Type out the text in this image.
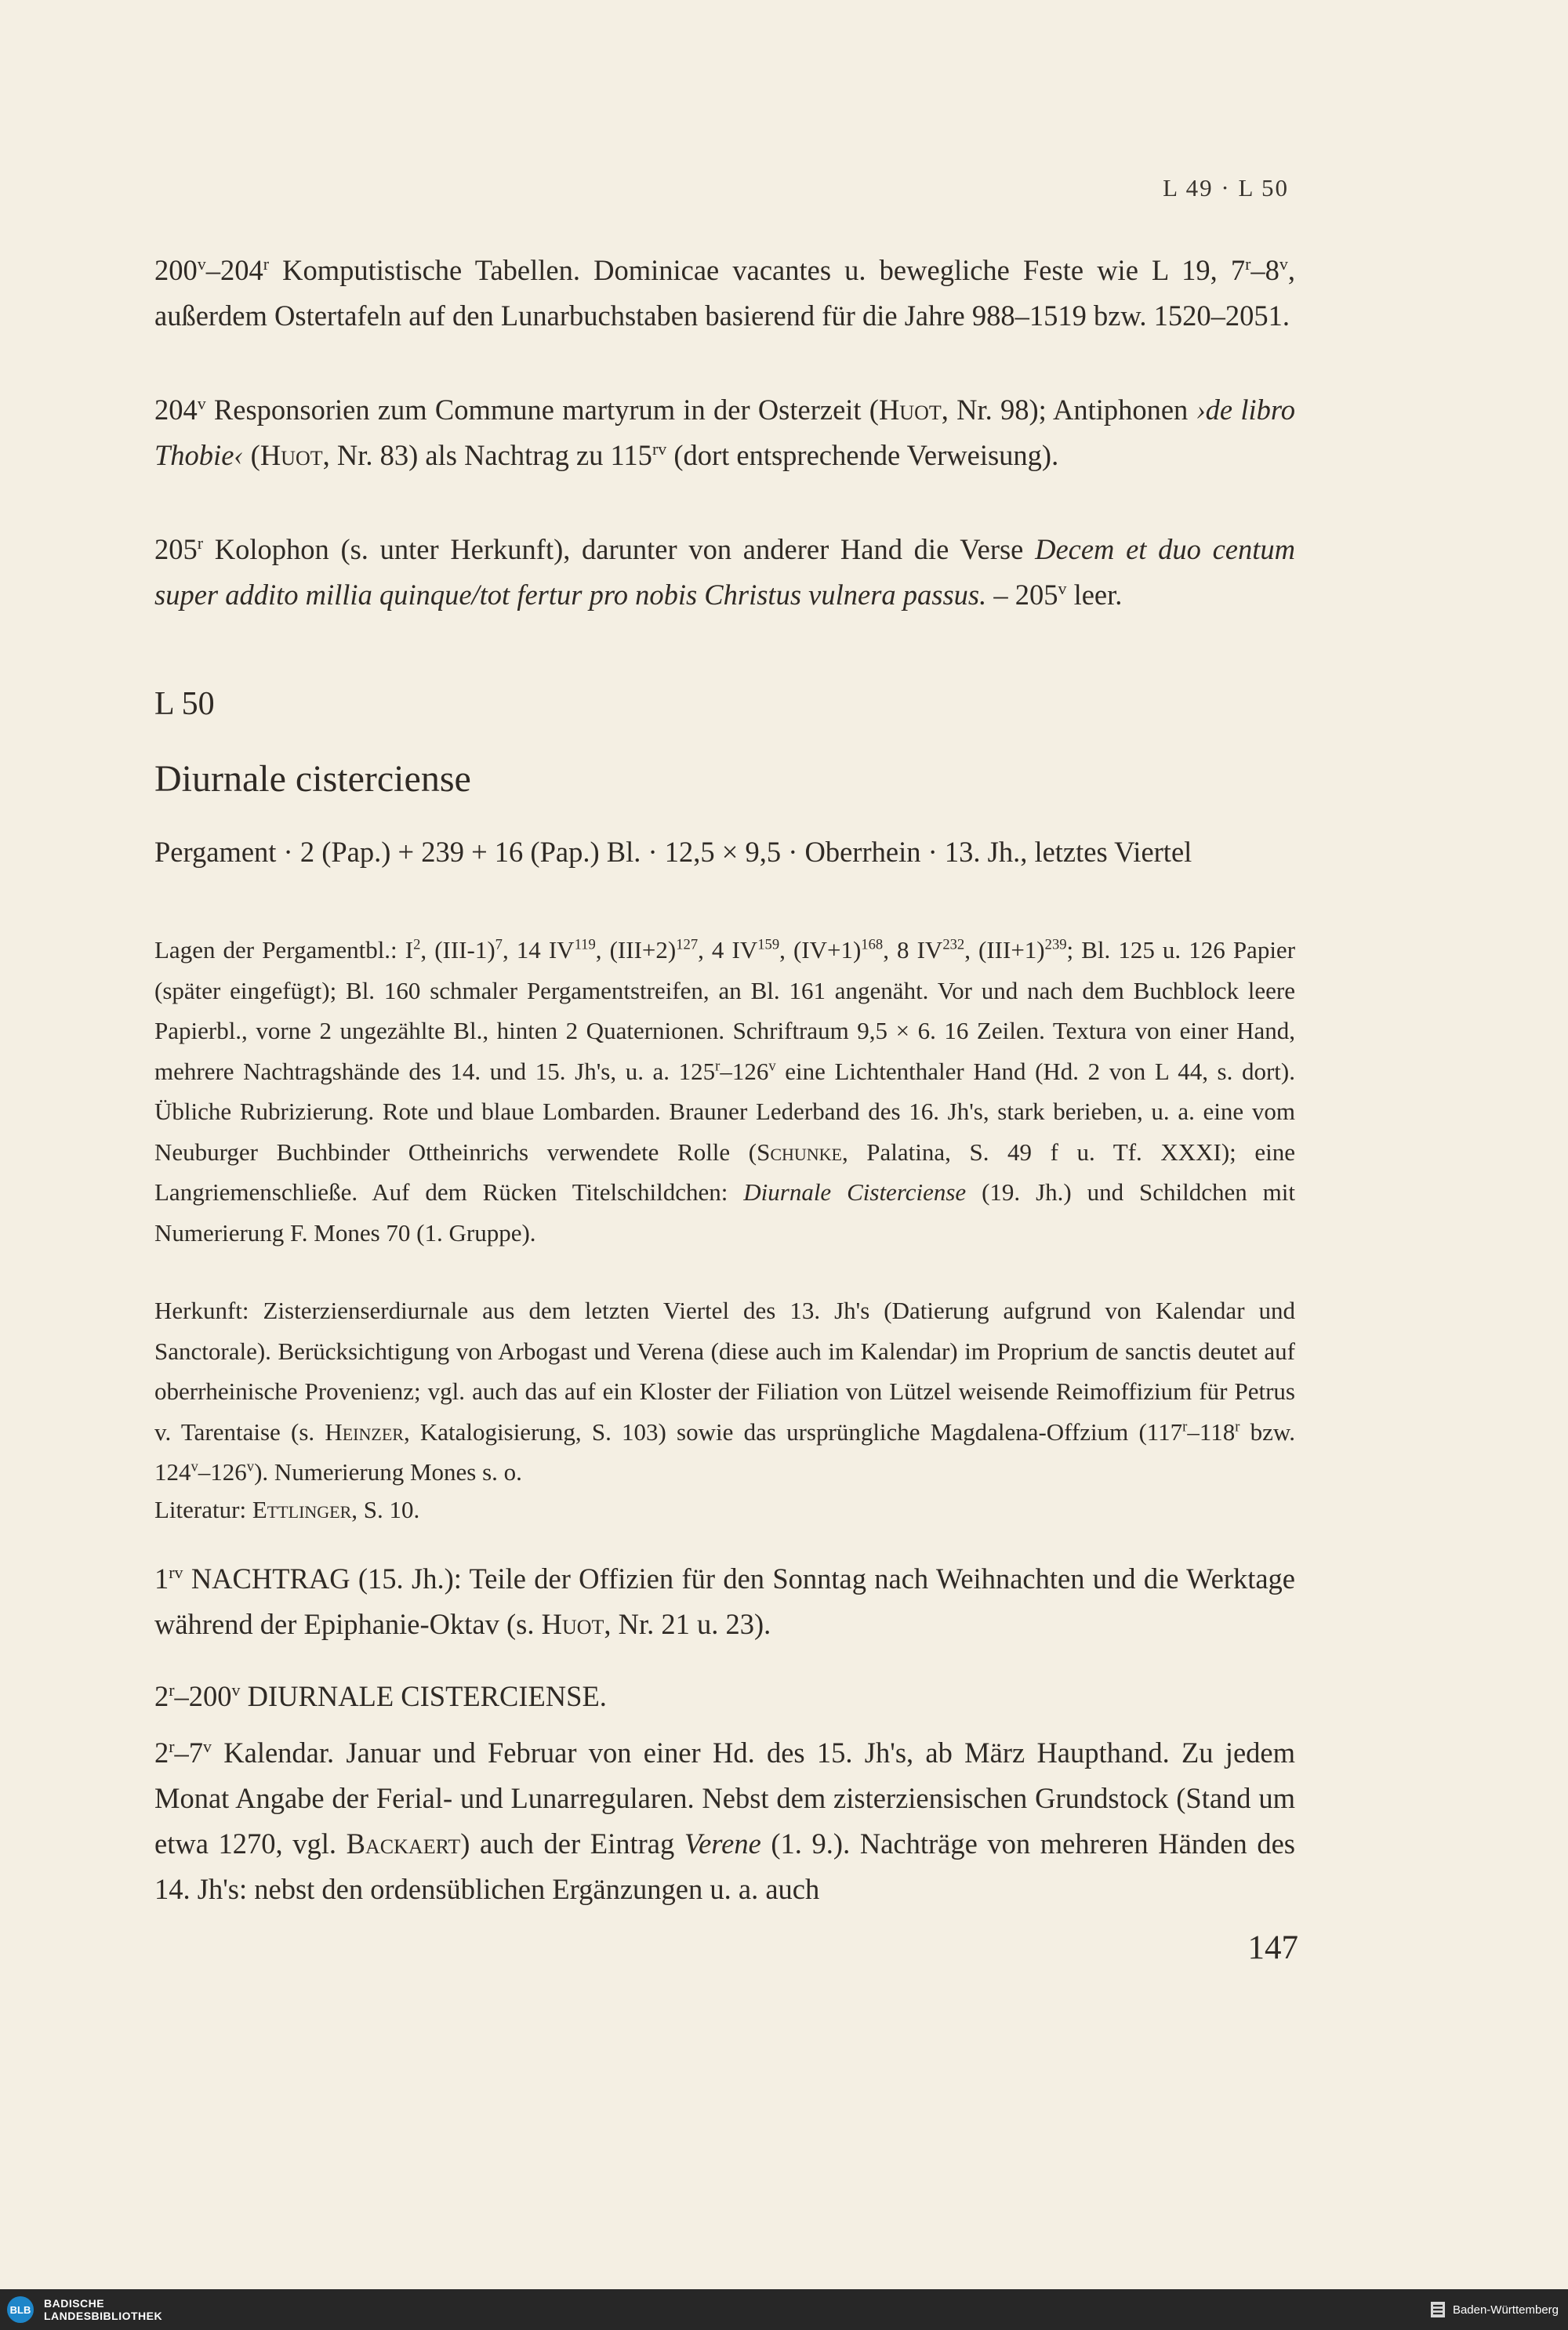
L 49 · L 50

200$^v$–204$^r$ Komputistische Tabellen. Dominicae vacantes u. bewegliche Feste wie L 19, 7$^r$–8$^v$, außerdem Ostertafeln auf den Lunarbuchstaben basierend für die Jahre 988–1519 bzw. 1520–2051.

204$^v$ Responsorien zum Commune martyrum in der Osterzeit (Huot, Nr. 98); Antiphonen ›de libro Thobie‹ (Huot, Nr. 83) als Nachtrag zu $115^{rv}$ (dort entsprechende Verweisung).

205$^r$ Kolophon (s. unter Herkunft), darunter von anderer Hand die Verse Decem et duo centum super addito millia quinque/tot fertur pro nobis Christus vulnera passus. – 205$^v$ leer.

L 50
Diurnale cisterciense

Pergament · 2 (Pap.) + 239 + 16 (Pap.) Bl. · 12,5 × 9,5 · Oberrhein · 13. Jh., letztes Viertel

Lagen der Pergamentbl.: $I^2$, $(III-1)^7$, 14 IV$^{119}$, $(III+2)^{127}$, 4 IV$^{159}$, $(IV+1)^{168}$, 8 IV$^{232}$, $(III+1)^{239}$; Bl. 125 u. 126 Papier (später eingefügt); Bl. 160 schmaler Pergamentstreifen, an Bl. 161 angenäht. Vor und nach dem Buchblock leere Papierbl., vorne 2 ungezählte Bl., hinten 2 Quaternionen. Schriftraum 9,5 × 6. 16 Zeilen. Textura von einer Hand, mehrere Nachtragshände des 14. und 15. Jh's, u. a. 125$^r$–126$^v$ eine Lichtenthaler Hand (Hd. 2 von L 44, s. dort). Übliche Rubrizierung. Rote und blaue Lombarden. Brauner Lederband des 16. Jh's, stark berieben, u. a. eine vom Neuburger Buchbinder Ottheinrichs verwendete Rolle (Schunke, Palatina, S. 49 f u. Tf. XXXI); eine Langriemenschließe. Auf dem Rücken Titelschildchen: Diurnale Cisterciense (19. Jh.) und Schildchen mit Numerierung F. Mones 70 (1. Gruppe).

Herkunft: Zisterzienserdiurnale aus dem letzten Viertel des 13. Jh's (Datierung aufgrund von Kalendar und Sanctorale). Berücksichtigung von Arbogast und Verena (diese auch im Kalendar) im Proprium de sanctis deutet auf oberrheinische Provenienz; vgl. auch das auf ein Kloster der Filiation von Lützel weisende Reimoffizium für Petrus v. Tarentaise (s. Heinzer, Katalogisierung, S. 103) sowie das ursprüngliche Magdalena-Offzium (117$^r$–118$^r$ bzw. 124$^v$–126$^v$). Numerierung Mones s. o.

Literatur: Ettlinger, S. 10.

$1^{rv}$ NACHTRAG (15. Jh.): Teile der Offizien für den Sonntag nach Weihnachten und die Werktage während der Epiphanie-Oktav (s. Huot, Nr. 21 u. 23).

2$^r$–200$^v$ DIURNALE CISTERCIENSE.

2$^r$–7$^v$ Kalendar. Januar und Februar von einer Hd. des 15. Jh's, ab März Haupthand. Zu jedem Monat Angabe der Ferial- und Lunarregularen. Nebst dem zisterziensischen Grundstock (Stand um etwa 1270, vgl. Backaert) auch der Eintrag Verene (1. 9.). Nachträge von mehreren Händen des 14. Jh's: nebst den ordensüblichen Ergänzungen u. a. auch

147
BLB BADISCHE
LANDESBIBLIOTHEK	Baden-Württemberg
